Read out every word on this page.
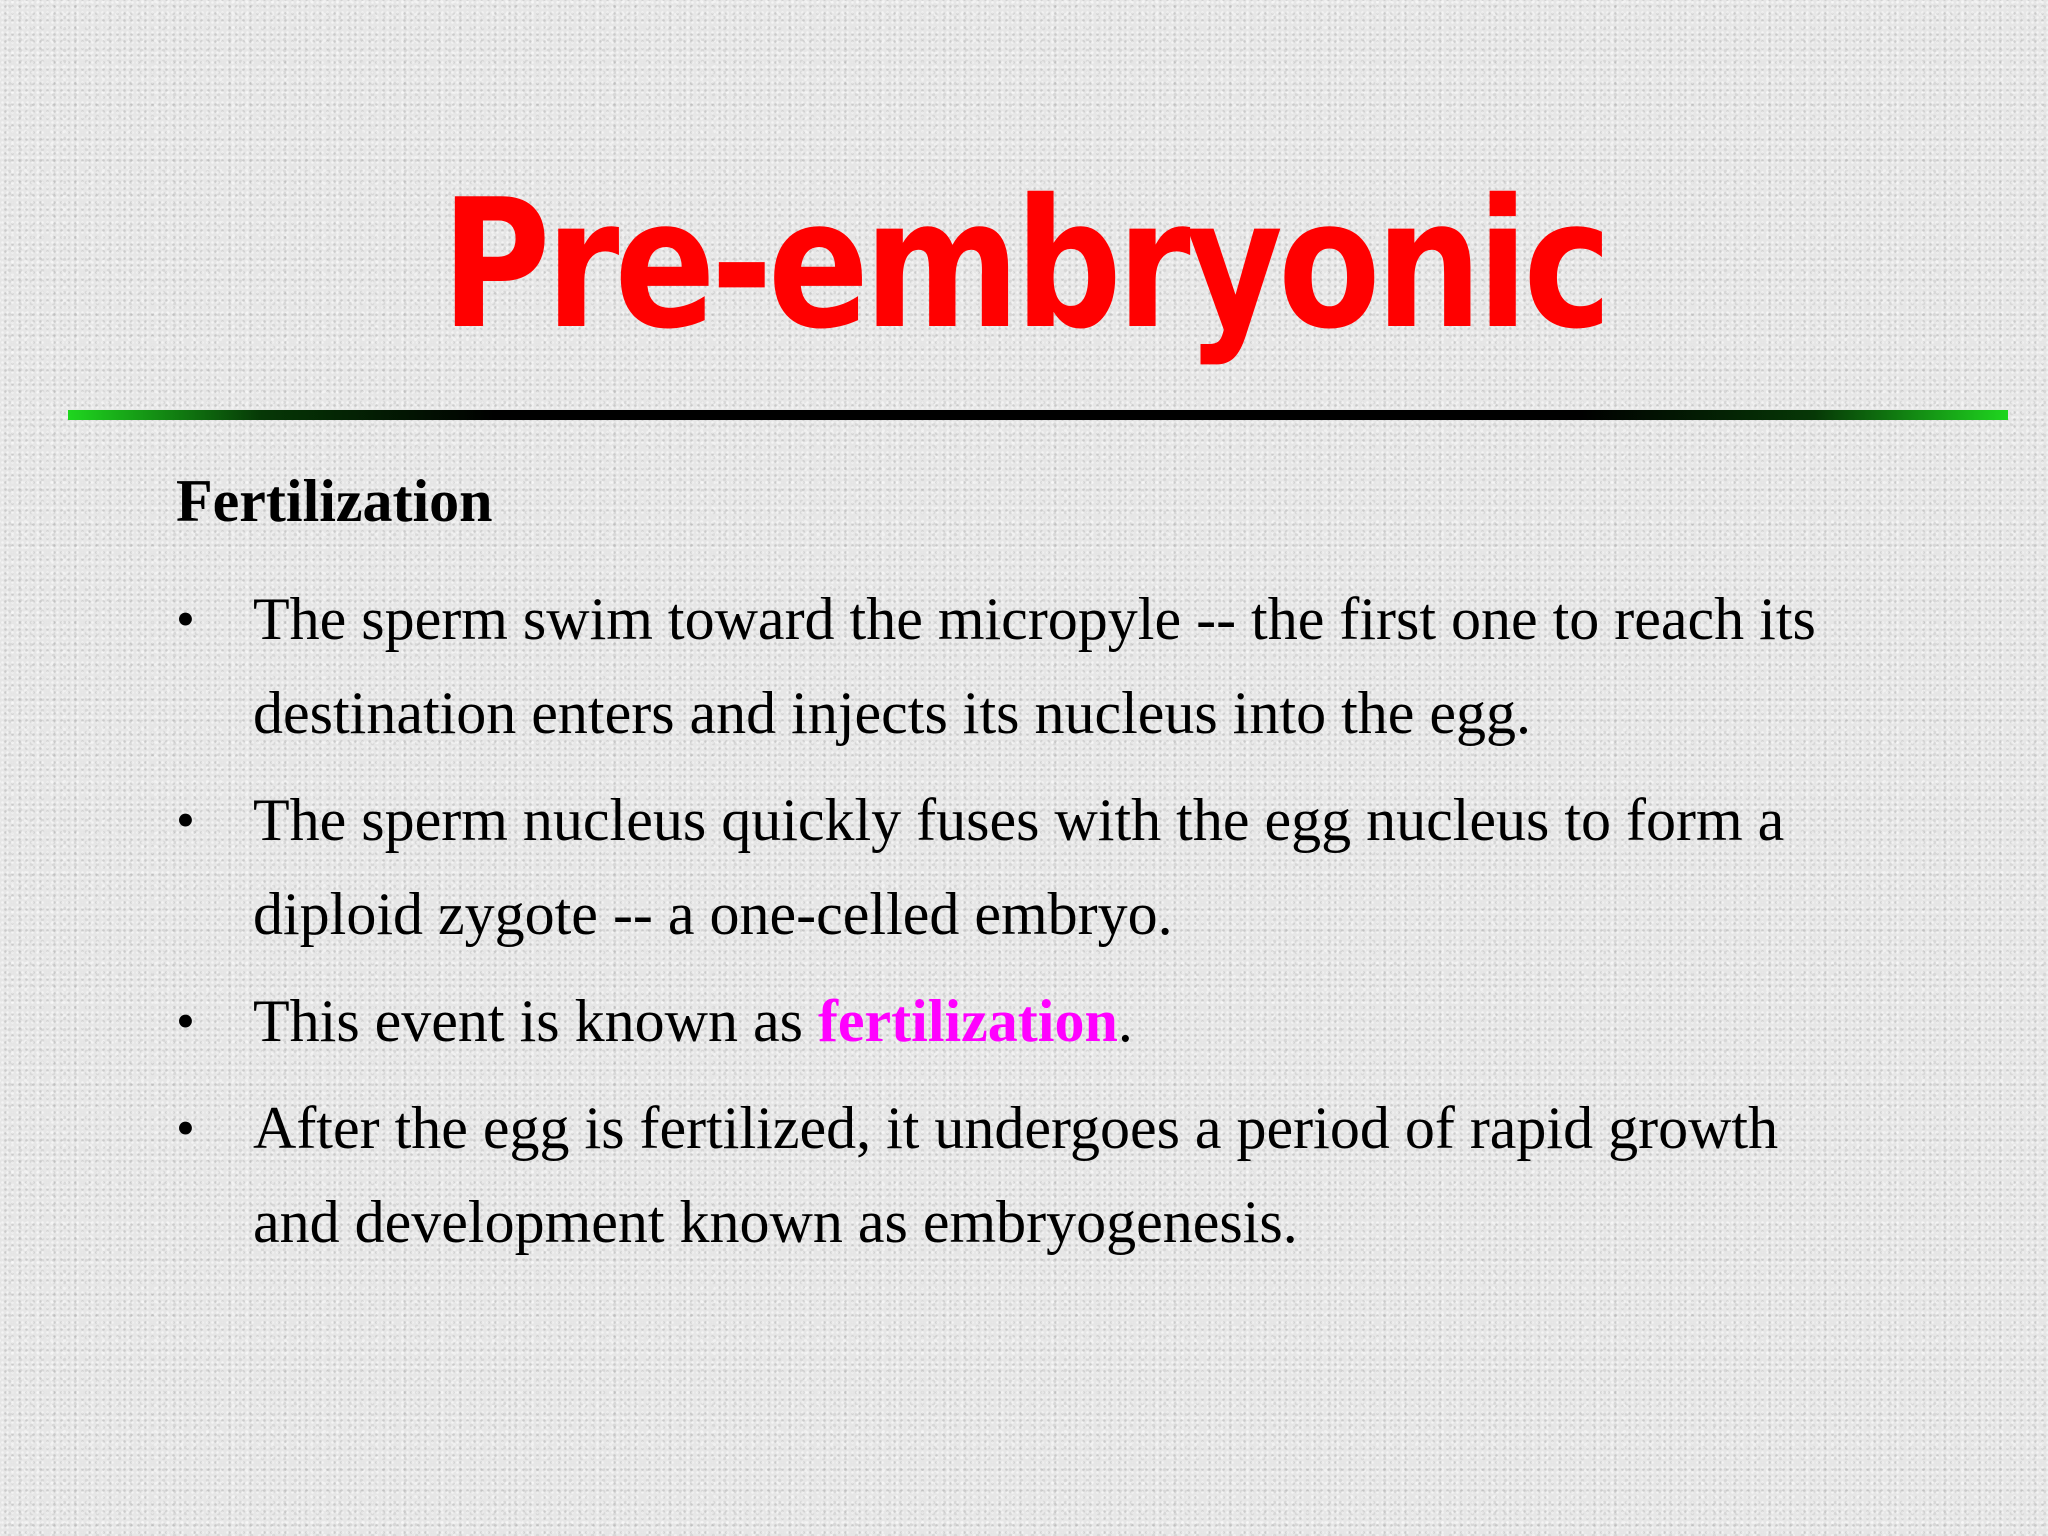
Pre-embryonic
Fertilization
• The sperm swim toward the micropyle -- the first one to reach its destination enters and injects its nucleus into the egg.
• The sperm nucleus quickly fuses with the egg nucleus to form a diploid zygote -- a one-celled embryo.
• This event is known as fertilization.
• After the egg is fertilized, it undergoes a period of rapid growth and development known as embryogenesis.
